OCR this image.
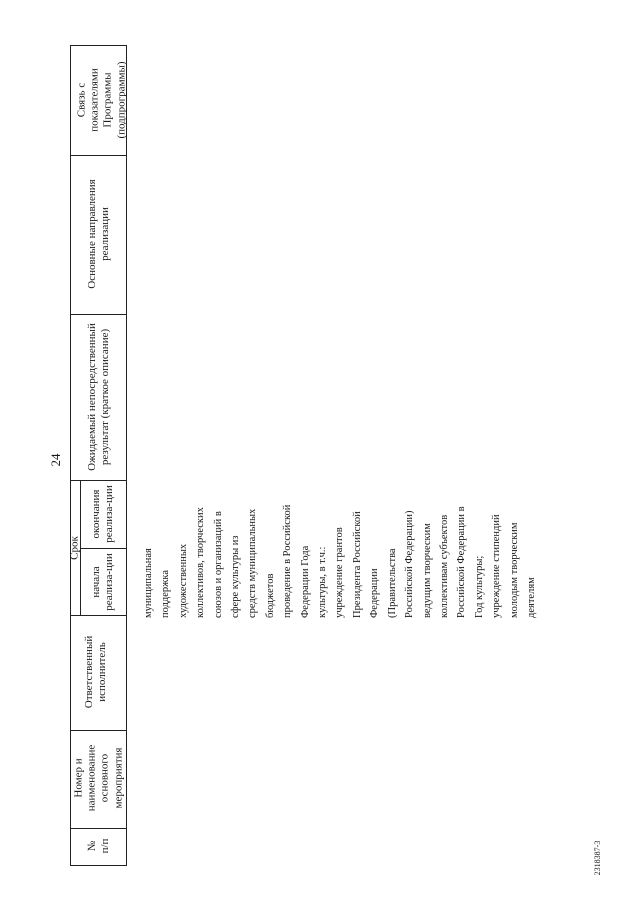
24
Связь с показателями Программы (подпрограммы)
Основные направления реализации
Ожидаемый непосредственный результат (краткое описание)
Срок
окончания реализа-ции
начала реализа-ции
Ответственный исполнитель
Номер и наименование основного мероприятия
№ п/п
муниципальная поддержка художественных коллективов, творческих союзов и организаций в сфере культуры из средств муниципальных бюджетов проведение в Российской Федерации Года культуры, в т.ч.: учреждение грантов Президента Российской Федерации (Правительства Российской Федерации) ведущим творческим коллективам субъектов Российской Федерации в Год культуры; учреждение стипендий молодым творческим деятелям
2318387-3
